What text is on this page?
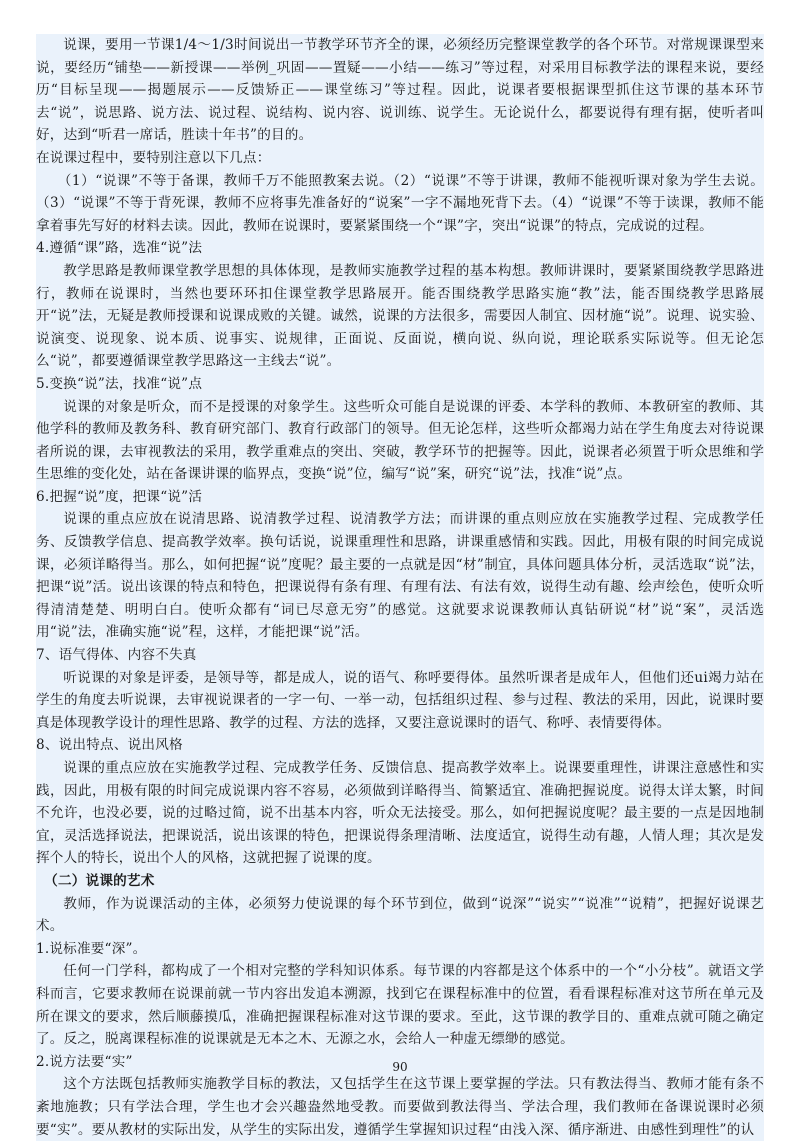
说课，要用一节课1/4～1/3时间说出一节教学环节齐全的课，必须经历完整课堂教学的各个环节。对常规课课型来说，要经历“铺垫——新授课——举例_巩固——置疑——小结——练习”等过程，对采用目标教学法的课程来说，要经历“目标呈现——揭题展示——反馈矫正——课堂练习”等过程。因此，说课者要根据课型抓住这节课的基本环节去“说”，说思路、说方法、说过程、说结构、说内容、说训练、说学生。无论说什么，都要说得有理有据，使听者叫好，达到“听君一席话，胜读十年书”的目的。

在说课过程中，要特别注意以下几点：

（1）“说课”不等于备课，教师千万不能照教案去说。（2）“说课”不等于讲课，教师不能视听课对象为学生去说。（3）“说课”不等于背死课，教师不应将事先准备好的“说案”一字不漏地死背下去。（4）“说课”不等于读课，教师不能拿着事先写好的材料去读。因此，教师在说课时，要紧紧围绕一个“课”字，突出“说课”的特点，完成说的过程。

4.遵循“课”路，选准“说”法

教学思路是教师课堂教学思想的具体体现，是教师实施教学过程的基本构想。教师讲课时，要紧紧围绕教学思路进行，教师在说课时，当然也要环环扣住课堂教学思路展开。能否围绕教学思路实施“教”法，能否围绕教学思路展开“说”法，无疑是教师授课和说课成败的关键。诚然，说课的方法很多，需要因人制宜、因材施“说”。说理、说实验、说演变、说现象、说本质、说事实、说规律，正面说、反面说，横向说、纵向说，理论联系实际说等。但无论怎么“说”，都要遵循课堂教学思路这一主线去“说”。

5.变换“说”法，找准“说”点

说课的对象是听众，而不是授课的对象学生。这些听众可能自是说课的评委、本学科的教师、本教研室的教师、其他学科的教师及教务科、教育研究部门、教育行政部门的领导。但无论怎样，这些听众都竭力站在学生角度去对待说课者所说的课，去审视教法的采用，教学重难点的突出、突破，教学环节的把握等。因此，说课者必须置于听众思维和学生思维的变化处，站在备课讲课的临界点，变换“说”位，编写“说”案，研究“说”法，找准“说”点。

6.把握“说”度，把课“说”活

说课的重点应放在说清思路、说清教学过程、说清教学方法；而讲课的重点则应放在实施教学过程、完成教学任务、反馈教学信息、提高教学效率。换句话说，说课重理性和思路，讲课重感情和实践。因此，用极有限的时间完成说课，必须详略得当。那么，如何把握“说”度呢？最主要的一点就是因“材”制宜，具体问题具体分析，灵活选取“说”法，把课“说”活。说出该课的特点和特色，把课说得有条有理、有理有法、有法有效，说得生动有趣、绘声绘色，使听众听得清清楚楚、明明白白。使听众都有“词已尽意无穷”的感觉。这就要求说课教师认真钻研说“材”说“案”，灵活选用“说”法，准确实施“说”程，这样，才能把课“说”活。

7、语气得体、内容不失真

听说课的对象是评委，是领导等，都是成人，说的语气、称呼要得体。虽然听课者是成年人，但他们还ui竭力站在学生的角度去听说课，去审视说课者的一字一句、一举一动，包括组织过程、参与过程、教法的采用，因此，说课时要真是体现教学设计的理性思路、教学的过程、方法的选择，又要注意说课时的语气、称呼、表情要得体。

8、说出特点、说出风格

说课的重点应放在实施教学过程、完成教学任务、反馈信息、提高教学效率上。说课要重理性，讲课注意感性和实践，因此，用极有限的时间完成说课内容不容易，必须做到详略得当、简繁适宜、准确把握说度。说得太详太繁，时间不允许，也没必要，说的过略过简，说不出基本内容，听众无法接受。那么，如何把握说度呢？最主要的一点是因地制宜，灵活选择说法，把课说活，说出该课的特色，把课说得条理清晰、法度适宜，说得生动有趣，人情人理；其次是发挥个人的特长，说出个人的风格，这就把握了说课的度。

（二）说课的艺术

教师，作为说课活动的主体，必须努力使说课的每个环节到位，做到“说深”“说实”“说准”“说精”，把握好说课艺术。

1.说标准要“深”。

任何一门学科，都构成了一个相对完整的学科知识体系。每节课的内容都是这个体系中的一个“小分枝”。就语文学科而言，它要求教师在说课前就一节内容出发追本溯源，找到它在课程标准中的位置，看看课程标准对这节所在单元及所在课文的要求，然后顺藤摸瓜，准确把握课程标准对这节课的要求。至此，这节课的教学目的、重难点就可随之确定了。反之，脱离课程标准的说课就是无本之木、无源之水，会给人一种虚无缥缈的感觉。

2.说方法要“实”

这个方法既包括教师实施教学目标的教法，又包括学生在这节课上要掌握的学法。只有教法得当、教师才能有条不紊地施教；只有学法合理，学生也才会兴趣盎然地受教。而要做到教法得当、学法合理，我们教师在备课说课时必须要“实”。要从教材的实际出发，从学生的实际出发，遵循学生掌握知识过程“由浅入深、循序渐进、由感性到理性”的认

90
